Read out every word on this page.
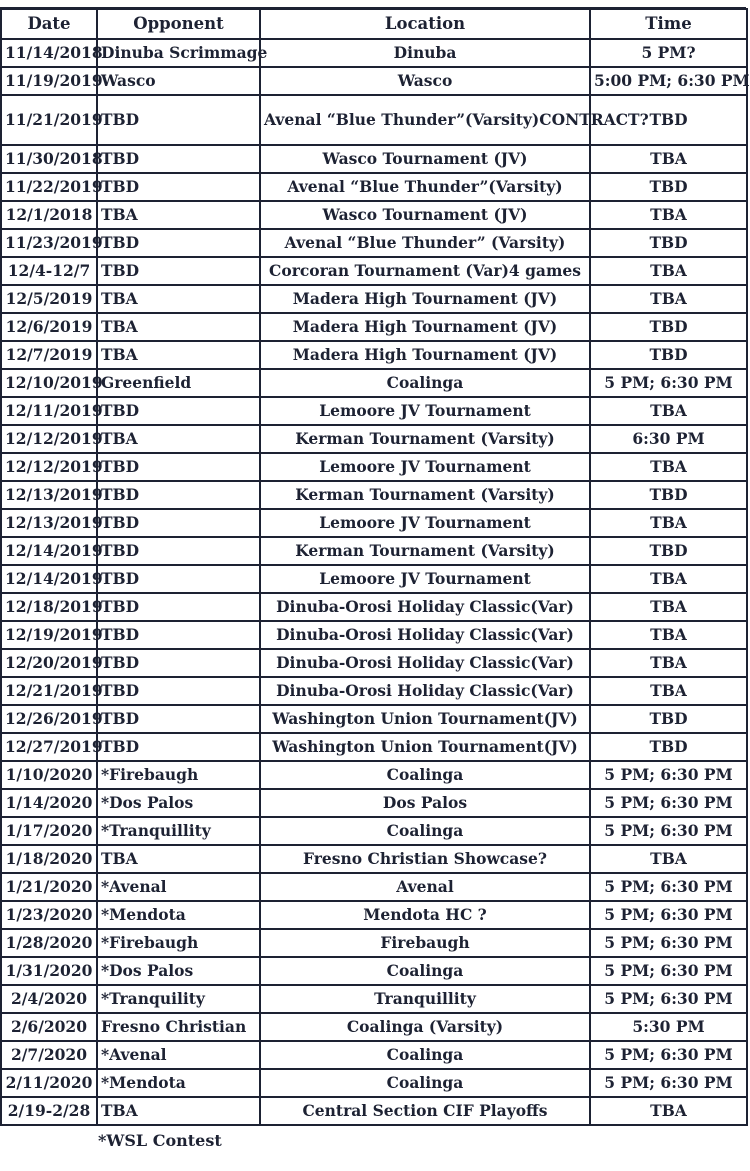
Date	Opponent	Location	Time
11/14/2018	Dinuba Scrimmage	Dinuba	5 PM?
11/19/2019	Wasco	Wasco	5:00 PM; 6:30 PM
11/21/2019	TBD	Avenal “Blue Thunder”(Varsity)CONTRACT?	TBD
11/30/2018	TBD	Wasco Tournament (JV)	TBA
11/22/2019	TBD	Avenal “Blue Thunder”(Varsity)	TBD
12/1/2018	TBA	Wasco Tournament (JV)	TBA
11/23/2019	TBD	Avenal “Blue Thunder” (Varsity)	TBD
12/4-12/7	TBD	Corcoran Tournament (Var)4 games	TBA
12/5/2019	TBA	Madera High Tournament (JV)	TBA
12/6/2019	TBA	Madera High Tournament (JV)	TBD
12/7/2019	TBA	Madera High Tournament (JV)	TBD
12/10/2019	Greenfield	Coalinga	5 PM; 6:30 PM
12/11/2019	TBD	Lemoore JV Tournament	TBA
12/12/2019	TBA	Kerman Tournament (Varsity)	6:30 PM
12/12/2019	TBD	Lemoore JV Tournament	TBA
12/13/2019	TBD	Kerman Tournament (Varsity)	TBD
12/13/2019	TBD	Lemoore JV Tournament	TBA
12/14/2019	TBD	Kerman Tournament (Varsity)	TBD
12/14/2019	TBD	Lemoore JV Tournament	TBA
12/18/2019	TBD	Dinuba-Orosi Holiday Classic(Var)	TBA
12/19/2019	TBD	Dinuba-Orosi Holiday Classic(Var)	TBA
12/20/2019	TBD	Dinuba-Orosi Holiday Classic(Var)	TBA
12/21/2019	TBD	Dinuba-Orosi Holiday Classic(Var)	TBA
12/26/2019	TBD	Washington Union Tournament(JV)	TBD
12/27/2019	TBD	Washington Union Tournament(JV)	TBD
1/10/2020	*Firebaugh	Coalinga	5 PM; 6:30 PM
1/14/2020	*Dos Palos	Dos Palos	5 PM; 6:30 PM
1/17/2020	*Tranquillity	Coalinga	5 PM; 6:30 PM
1/18/2020	TBA	Fresno Christian Showcase?	TBA
1/21/2020	*Avenal	Avenal	5 PM; 6:30 PM
1/23/2020	*Mendota	Mendota HC ?	5 PM; 6:30 PM
1/28/2020	*Firebaugh	Firebaugh	5 PM; 6:30 PM
1/31/2020	*Dos Palos	Coalinga	5 PM; 6:30 PM
2/4/2020	*Tranquility	Tranquillity	5 PM; 6:30 PM
2/6/2020	Fresno Christian	Coalinga (Varsity)	5:30 PM
2/7/2020	*Avenal	Coalinga	5 PM; 6:30 PM
2/11/2020	*Mendota	Coalinga	5 PM; 6:30 PM
2/19-2/28	TBA	Central Section CIF Playoffs	TBA
*WSL Contest
